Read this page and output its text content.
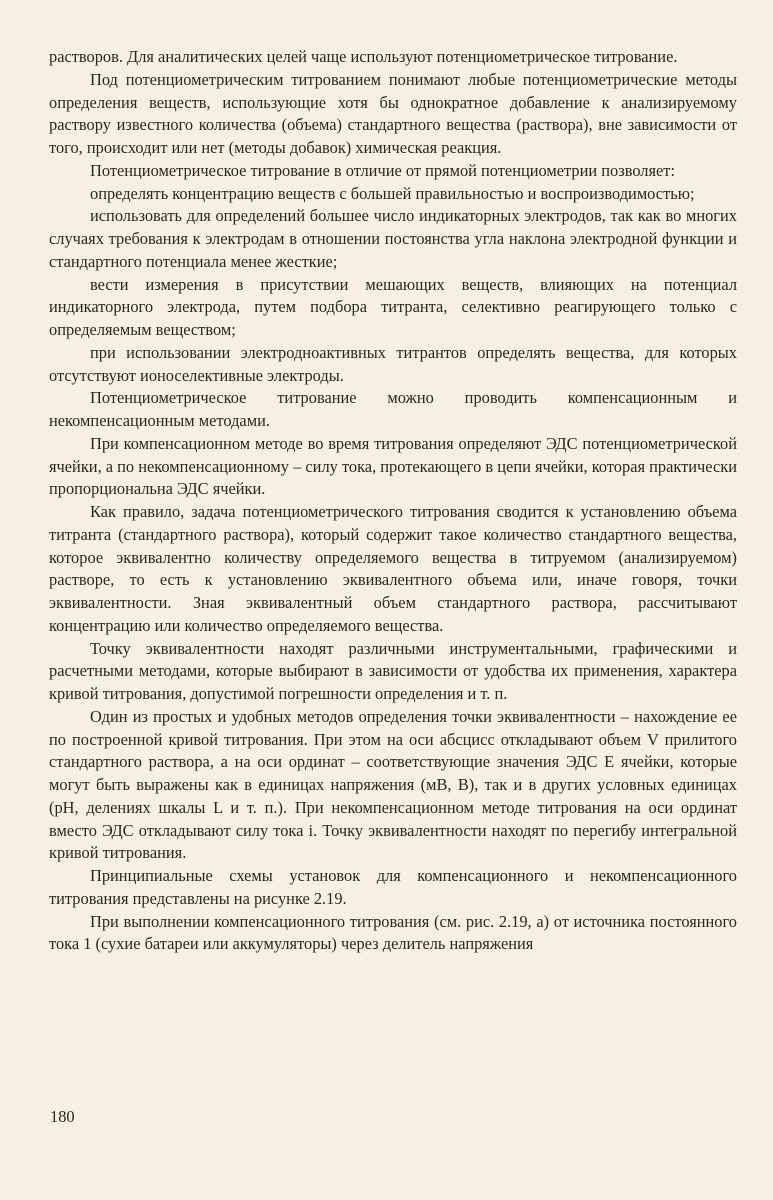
растворов. Для аналитических целей чаще используют потенциометрическое титрование.

Под потенциометрическим титрованием понимают любые потенциометрические методы определения веществ, использующие хотя бы однократное добавление к анализируемому раствору известного количества (объема) стандартного вещества (раствора), вне зависимости от того, происходит или нет (методы добавок) химическая реакция.

Потенциометрическое титрование в отличие от прямой потенциометрии позволяет:

определять концентрацию веществ с большей правильностью и воспроизводимостью;

использовать для определений большее число индикаторных электродов, так как во многих случаях требования к электродам в отношении постоянства угла наклона электродной функции и стандартного потенциала менее жесткие;

вести измерения в присутствии мешающих веществ, влияющих на потенциал индикаторного электрода, путем подбора титранта, селективно реагирующего только с определяемым веществом;

при использовании электродноактивных титрантов определять вещества, для которых отсутствуют ионоселективные электроды.

Потенциометрическое титрование можно проводить компенсационным и некомпенсационным методами.

При компенсационном методе во время титрования определяют ЭДС потенциометрической ячейки, а по некомпенсационному – силу тока, протекающего в цепи ячейки, которая практически пропорциональна ЭДС ячейки.

Как правило, задача потенциометрического титрования сводится к установлению объема титранта (стандартного раствора), который содержит такое количество стандартного вещества, которое эквивалентно количеству определяемого вещества в титруемом (анализируемом) растворе, то есть к установлению эквивалентного объема или, иначе говоря, точки эквивалентности. Зная эквивалентный объем стандартного раствора, рассчитывают концентрацию или количество определяемого вещества.

Точку эквивалентности находят различными инструментальными, графическими и расчетными методами, которые выбирают в зависимости от удобства их применения, характера кривой титрования, допустимой погрешности определения и т. п.

Один из простых и удобных методов определения точки эквивалентности – нахождение ее по построенной кривой титрования. При этом на оси абсцисс откладывают объем V прилитого стандартного раствора, а на оси ординат – соответствующие значения ЭДС E ячейки, которые могут быть выражены как в единицах напряжения (мВ, В), так и в других условных единицах (pH, делениях шкалы L и т. п.). При некомпенсационном методе титрования на оси ординат вместо ЭДС откладывают силу тока i. Точку эквивалентности находят по перегибу интегральной кривой титрования.

Принципиальные схемы установок для компенсационного и некомпенсационного титрования представлены на рисунке 2.19.

При выполнении компенсационного титрования (см. рис. 2.19, а) от источника постоянного тока 1 (сухие батареи или аккумуляторы) через делитель напряжения

180
